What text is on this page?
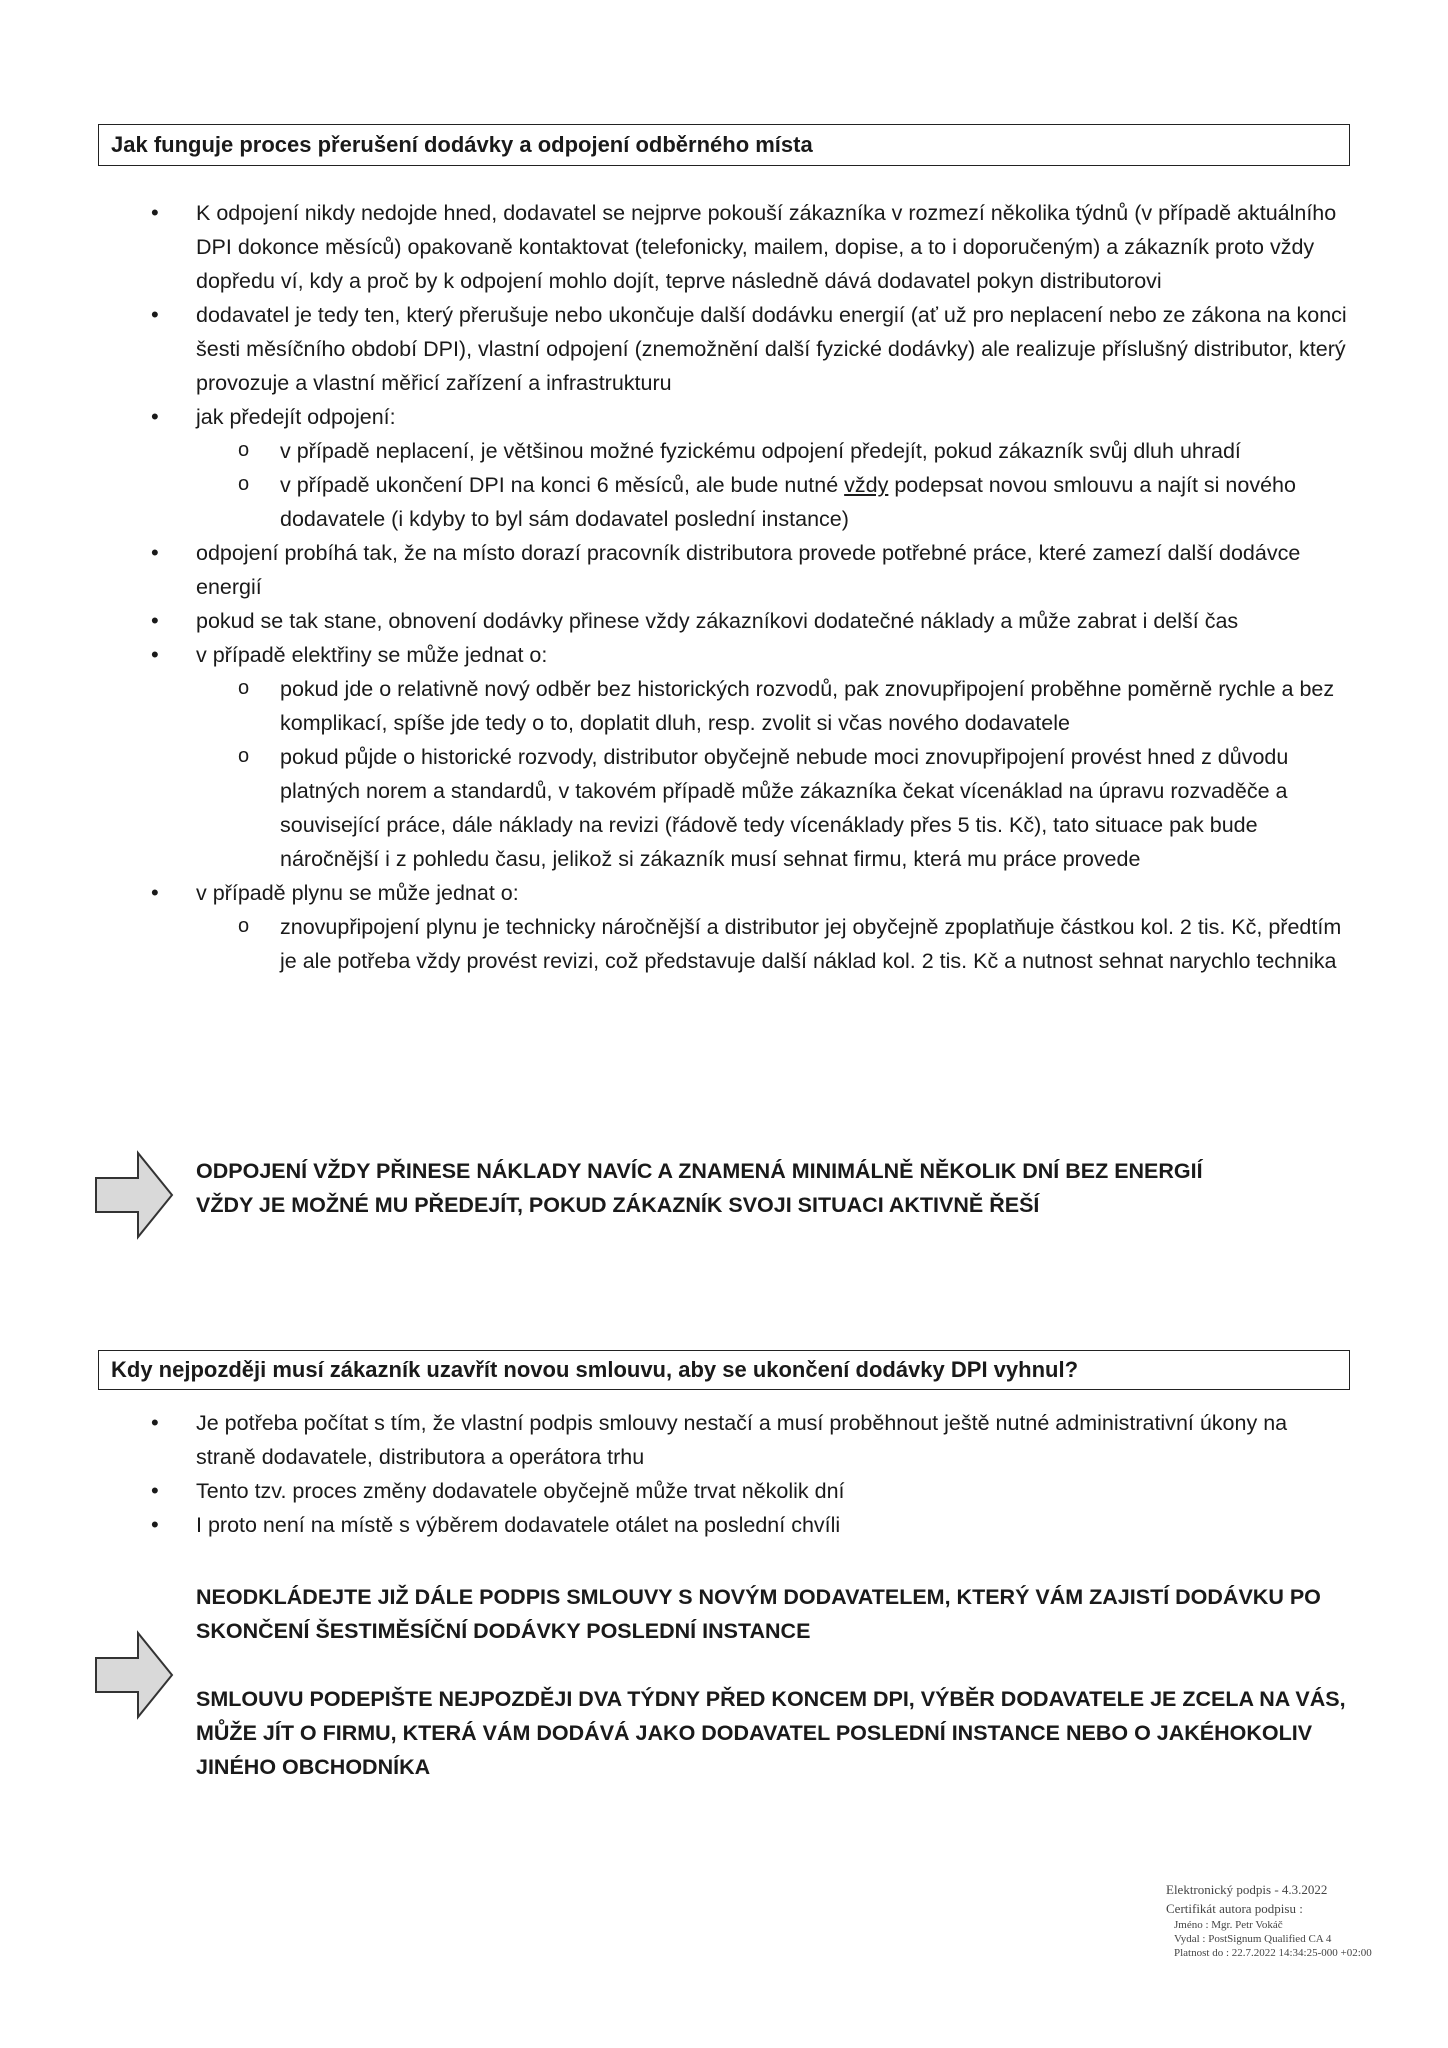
Jak funguje proces přerušení dodávky a odpojení odběrného místa
• K odpojení nikdy nedojde hned, dodavatel se nejprve pokouší zákazníka v rozmezí několika týdnů (v případě aktuálního DPI dokonce měsíců) opakovaně kontaktovat (telefonicky, mailem, dopise, a to i doporučeným) a zákazník proto vždy dopředu ví, kdy a proč by k odpojení mohlo dojít, teprve následně dává dodavatel pokyn distributorovi
• dodavatel je tedy ten, který přerušuje nebo ukončuje další dodávku energií (ať už pro neplacení nebo ze zákona na konci šesti měsíčního období DPI), vlastní odpojení (znemožnění další fyzické dodávky) ale realizuje příslušný distributor, který provozuje a vlastní měřicí zařízení a infrastrukturu
• jak předejít odpojení:
o v případě neplacení, je většinou možné fyzickému odpojení předejít, pokud zákazník svůj dluh uhradí
o v případě ukončení DPI na konci 6 měsíců, ale bude nutné vždy podepsat novou smlouvu a najít si nového dodavatele (i kdyby to byl sám dodavatel poslední instance)
• odpojení probíhá tak, že na místo dorazí pracovník distributora provede potřebné práce, které zamezí další dodávce energií
• pokud se tak stane, obnovení dodávky přinese vždy zákazníkovi dodatečné náklady a může zabrat i delší čas
• v případě elektřiny se může jednat o:
o pokud jde o relativně nový odběr bez historických rozvodů, pak znovupřipojení proběhne poměrně rychle a bez komplikací, spíše jde tedy o to, doplatit dluh, resp. zvolit si včas nového dodavatele
o pokud půjde o historické rozvody, distributor obyčejně nebude moci znovupřipojení provést hned z důvodu platných norem a standardů, v takovém případě může zákazníka čekat vícenáklad na úpravu rozvaděče a související práce, dále náklady na revizi (řádově tedy vícenáklady přes 5 tis. Kč), tato situace pak bude náročnější i z pohledu času, jelikož si zákazník musí sehnat firmu, která mu práce provede
• v případě plynu se může jednat o:
o znovupřipojení plynu je technicky náročnější a distributor jej obyčejně zpoplatňuje částkou kol. 2 tis. Kč, předtím je ale potřeba vždy provést revizi, což představuje další náklad kol. 2 tis. Kč a nutnost sehnat narychlo technika
ODPOJENÍ VŽDY PŘINESE NÁKLADY NAVÍC A ZNAMENÁ MINIMÁLNĚ NĚKOLIK DNÍ BEZ ENERGIÍ
VŽDY JE MOŽNÉ MU PŘEDEJÍT, POKUD ZÁKAZNÍK SVOJI SITUACI AKTIVNĚ ŘEŠÍ
Kdy nejpozději musí zákazník uzavřít novou smlouvu, aby se ukončení dodávky DPI vyhnul?
• Je potřeba počítat s tím, že vlastní podpis smlouvy nestačí a musí proběhnout ještě nutné administrativní úkony na straně dodavatele, distributora a operátora trhu
• Tento tzv. proces změny dodavatele obyčejně může trvat několik dní
• I proto není na místě s výběrem dodavatele otálet na poslední chvíli
NEODKLÁDEJTE JIŽ DÁLE PODPIS SMLOUVY S NOVÝM DODAVATELEM, KTERÝ VÁM ZAJISTÍ DODÁVKU PO SKONČENÍ ŠESTIMĚSÍČNÍ DODÁVKY POSLEDNÍ INSTANCE
SMLOUVU PODEPIŠTE NEJPOZDĚJI DVA TÝDNY PŘED KONCEM DPI, VÝBĚR DODAVATELE JE ZCELA NA VÁS, MŮŽE JÍT O FIRMU, KTERÁ VÁM DODÁVÁ JAKO DODAVATEL POSLEDNÍ INSTANCE NEBO O JAKÉHOKOLIV JINÉHO OBCHODNÍKA
Elektronický podpis - 4.3.2022
Certifikát autora podpisu :
Jméno : Mgr. Petr Vokáč
Vydal : PostSignum Qualified CA 4
Platnost do : 22.7.2022 14:34:25-000 +02:00
